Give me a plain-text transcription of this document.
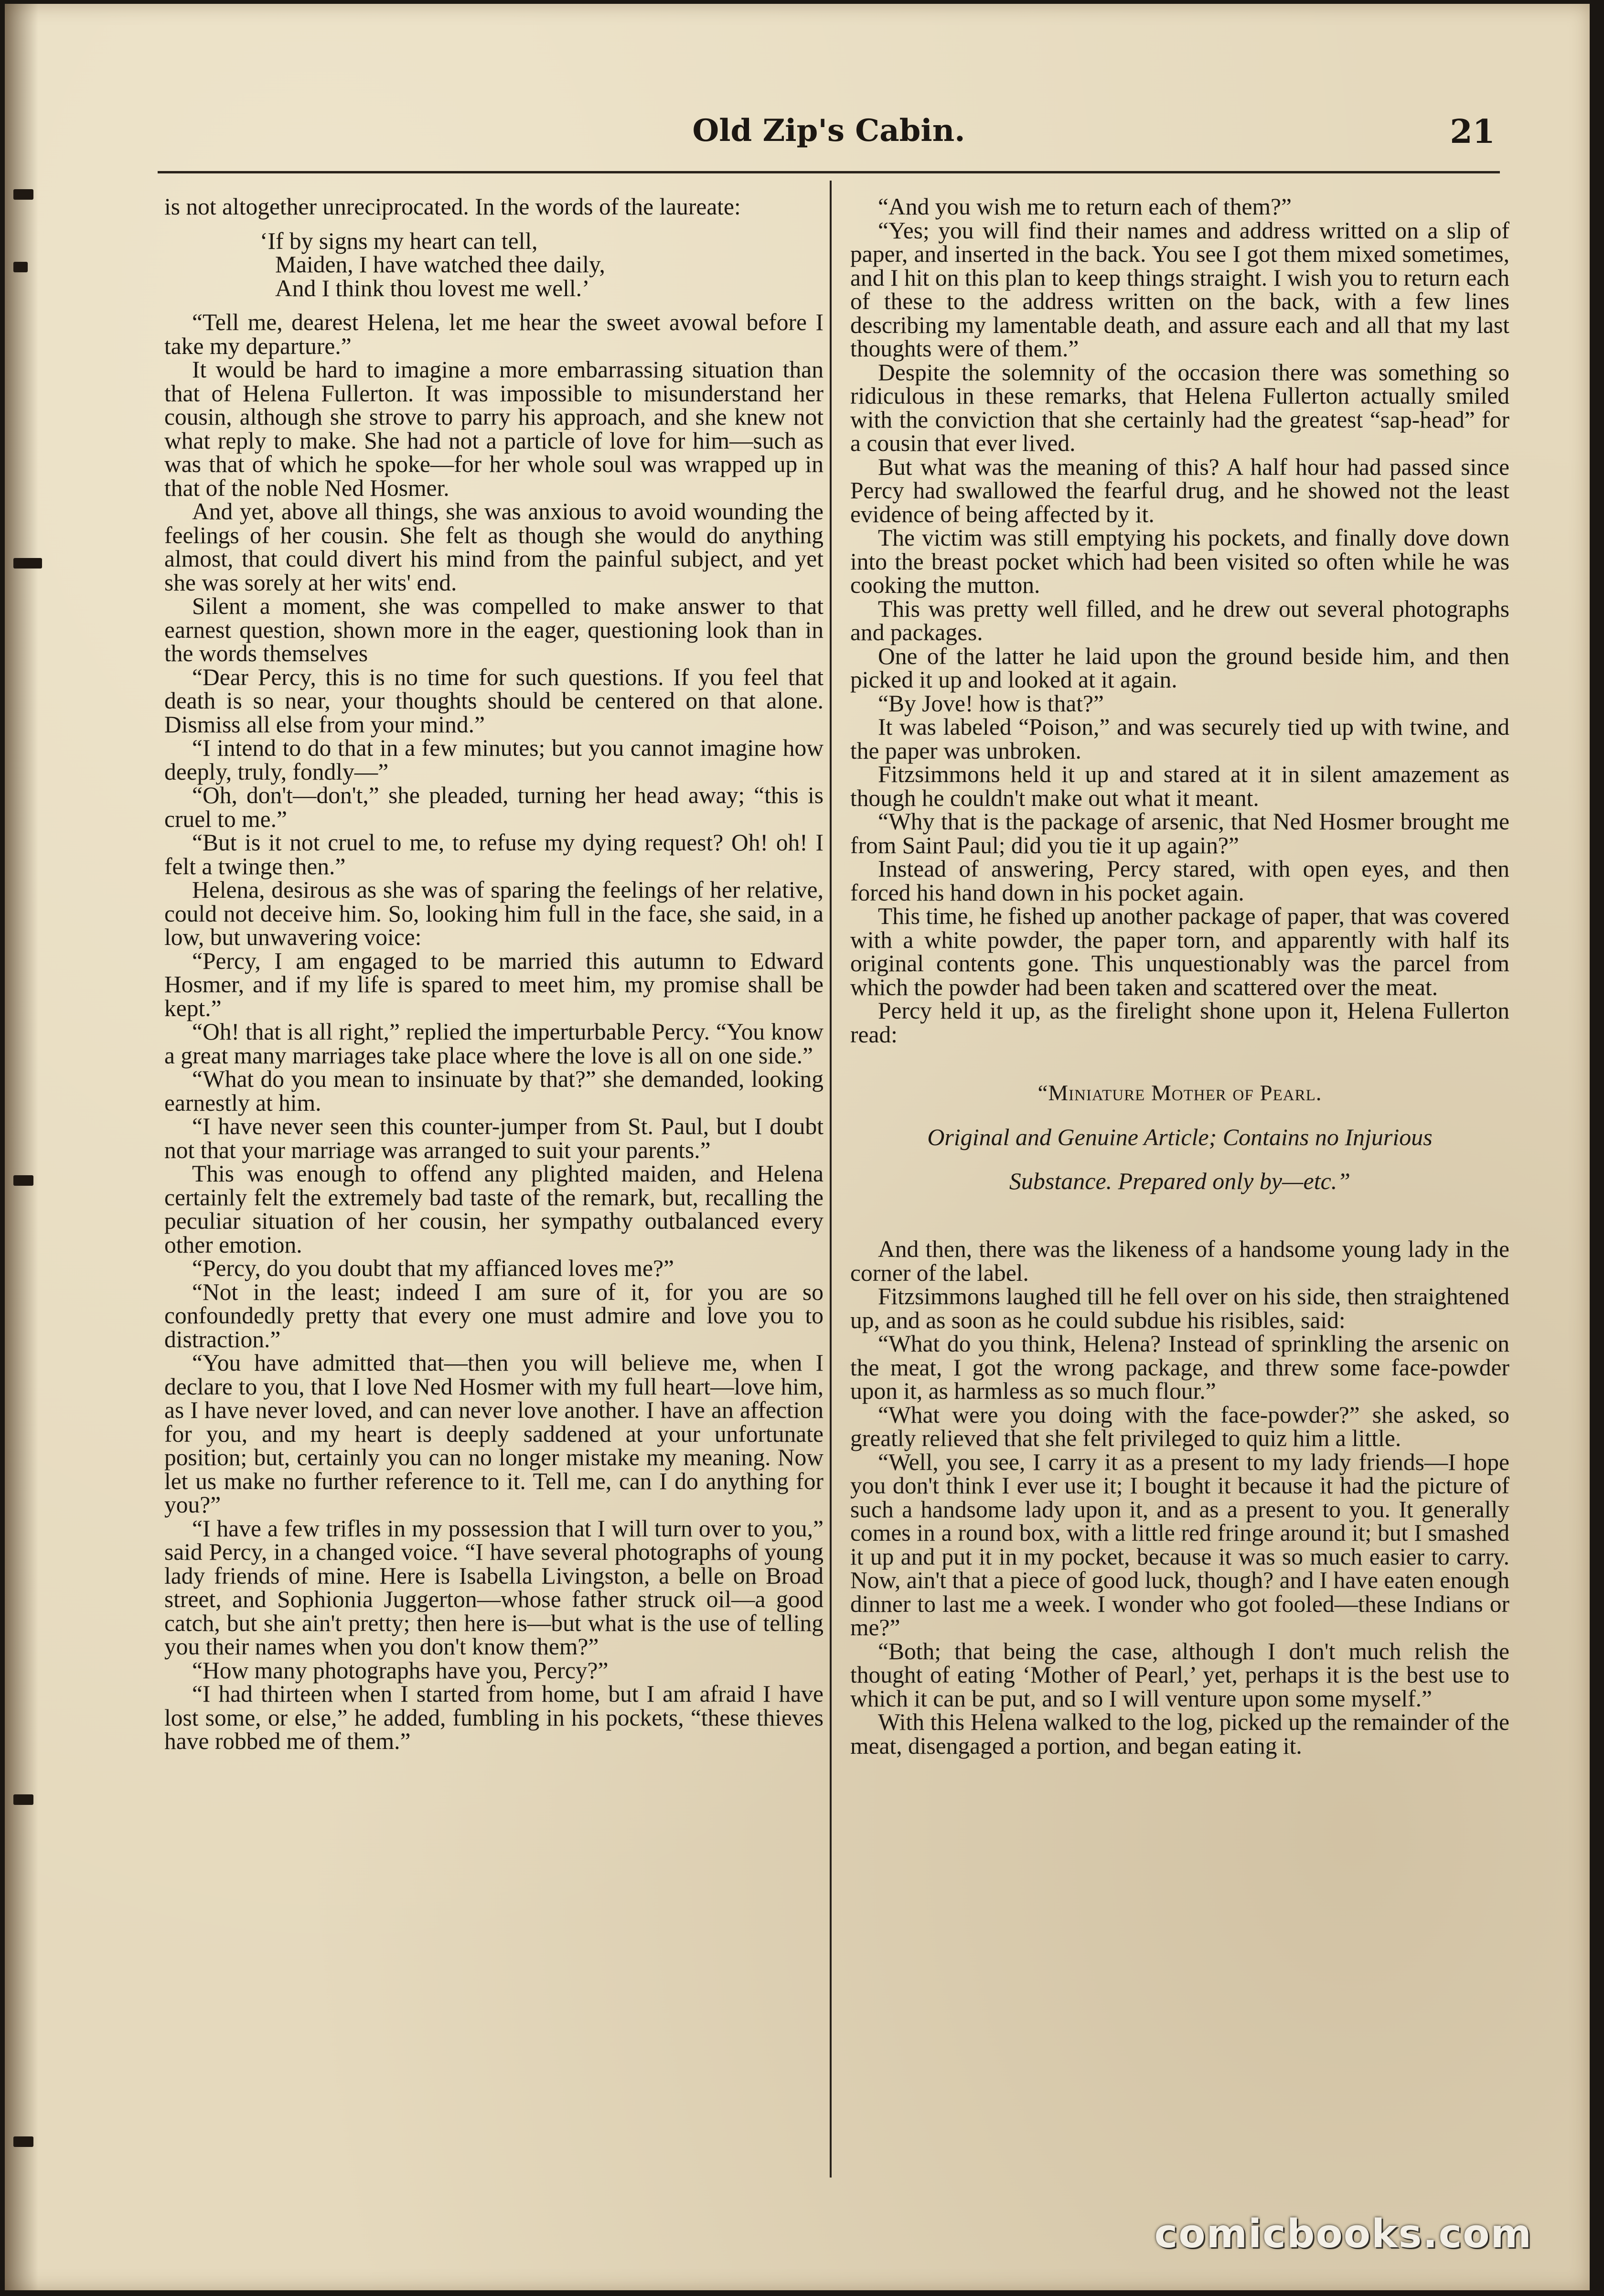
Old Zip's Cabin.	21

is not altogether unreciprocated. In the words of the laureate:

‘If by signs my heart can tell,
Maiden, I have watched thee daily,
And I think thou lovest me well.’

“Tell me, dearest Helena, let me hear the sweet avowal before I take my departure.”

It would be hard to imagine a more embarrassing situation than that of Helena Fullerton. It was impossible to misunderstand her cousin, although she strove to parry his approach, and she knew not what reply to make. She had not a particle of love for him—such as was that of which he spoke—for her whole soul was wrapped up in that of the noble Ned Hosmer.

And yet, above all things, she was anxious to avoid wounding the feelings of her cousin. She felt as though she would do anything almost, that could divert his mind from the painful subject, and yet she was sorely at her wits' end.

Silent a moment, she was compelled to make answer to that earnest question, shown more in the eager, questioning look than in the words themselves

“Dear Percy, this is no time for such questions. If you feel that death is so near, your thoughts should be centered on that alone. Dismiss all else from your mind.”

“I intend to do that in a few minutes; but you cannot imagine how deeply, truly, fondly—”

“Oh, don't—don't,” she pleaded, turning her head away; “this is cruel to me.”

“But is it not cruel to me, to refuse my dying request? Oh! oh! I felt a twinge then.”

Helena, desirous as she was of sparing the feelings of her relative, could not deceive him. So, looking him full in the face, she said, in a low, but unwavering voice:

“Percy, I am engaged to be married this autumn to Edward Hosmer, and if my life is spared to meet him, my promise shall be kept.”

“Oh! that is all right,” replied the imperturbable Percy. “You know a great many marriages take place where the love is all on one side.”

“What do you mean to insinuate by that?” she demanded, looking earnestly at him.

“I have never seen this counter-jumper from St. Paul, but I doubt not that your marriage was arranged to suit your parents.”

This was enough to offend any plighted maiden, and Helena certainly felt the extremely bad taste of the remark, but, recalling the peculiar situation of her cousin, her sympathy outbalanced every other emotion.

“Percy, do you doubt that my affianced loves me?”

“Not in the least; indeed I am sure of it, for you are so confoundedly pretty that every one must admire and love you to distraction.”

“You have admitted that—then you will believe me, when I declare to you, that I love Ned Hosmer with my full heart—love him, as I have never loved, and can never love another. I have an affection for you, and my heart is deeply saddened at your unfortunate position; but, certainly you can no longer mistake my meaning. Now let us make no further reference to it. Tell me, can I do anything for you?”

“I have a few trifles in my possession that I will turn over to you,” said Percy, in a changed voice. “I have several photographs of young lady friends of mine. Here is Isabella Livingston, a belle on Broad street, and Sophionia Juggerton—whose father struck oil—a good catch, but she ain't pretty; then here is—but what is the use of telling you their names when you don't know them?”

“How many photographs have you, Percy?”

“I had thirteen when I started from home, but I am afraid I have lost some, or else,” he added, fumbling in his pockets, “these thieves have robbed me of them.”

“And you wish me to return each of them?”

“Yes; you will find their names and address writted on a slip of paper, and inserted in the back. You see I got them mixed sometimes, and I hit on this plan to keep things straight. I wish you to return each of these to the address written on the back, with a few lines describing my lamentable death, and assure each and all that my last thoughts were of them.”

Despite the solemnity of the occasion there was something so ridiculous in these remarks, that Helena Fullerton actually smiled with the conviction that she certainly had the greatest “sap-head” for a cousin that ever lived.

But what was the meaning of this? A half hour had passed since Percy had swallowed the fearful drug, and he showed not the least evidence of being affected by it.

The victim was still emptying his pockets, and finally dove down into the breast pocket which had been visited so often while he was cooking the mutton.

This was pretty well filled, and he drew out several photographs and packages.

One of the latter he laid upon the ground beside him, and then picked it up and looked at it again.

“By Jove! how is that?”

It was labeled “Poison,” and was securely tied up with twine, and the paper was unbroken.

Fitzsimmons held it up and stared at it in silent amazement as though he couldn't make out what it meant.

“Why that is the package of arsenic, that Ned Hosmer brought me from Saint Paul; did you tie it up again?”

Instead of answering, Percy stared, with open eyes, and then forced his hand down in his pocket again.

This time, he fished up another package of paper, that was covered with a white powder, the paper torn, and apparently with half its original contents gone. This unquestionably was the parcel from which the powder had been taken and scattered over the meat.

Percy held it up, as the firelight shone upon it, Helena Fullerton read:

“Miniature Mother of Pearl.
Original and Genuine Article; Contains no Injurious
Substance. Prepared only by—etc.”

And then, there was the likeness of a handsome young lady in the corner of the label.

Fitzsimmons laughed till he fell over on his side, then straightened up, and as soon as he could subdue his risibles, said:

“What do you think, Helena? Instead of sprinkling the arsenic on the meat, I got the wrong package, and threw some face-powder upon it, as harmless as so much flour.”

“What were you doing with the face-powder?” she asked, so greatly relieved that she felt privileged to quiz him a little.

“Well, you see, I carry it as a present to my lady friends—I hope you don't think I ever use it; I bought it because it had the picture of such a handsome lady upon it, and as a present to you. It generally comes in a round box, with a little red fringe around it; but I smashed it up and put it in my pocket, because it was so much easier to carry. Now, ain't that a piece of good luck, though? and I have eaten enough dinner to last me a week. I wonder who got fooled—these Indians or me?”

“Both; that being the case, although I don't much relish the thought of eating ‘Mother of Pearl,’ yet, perhaps it is the best use to which it can be put, and so I will venture upon some myself.”

With this Helena walked to the log, picked up the remainder of the meat, disengaged a portion, and began eating it.

comicbooks.com
